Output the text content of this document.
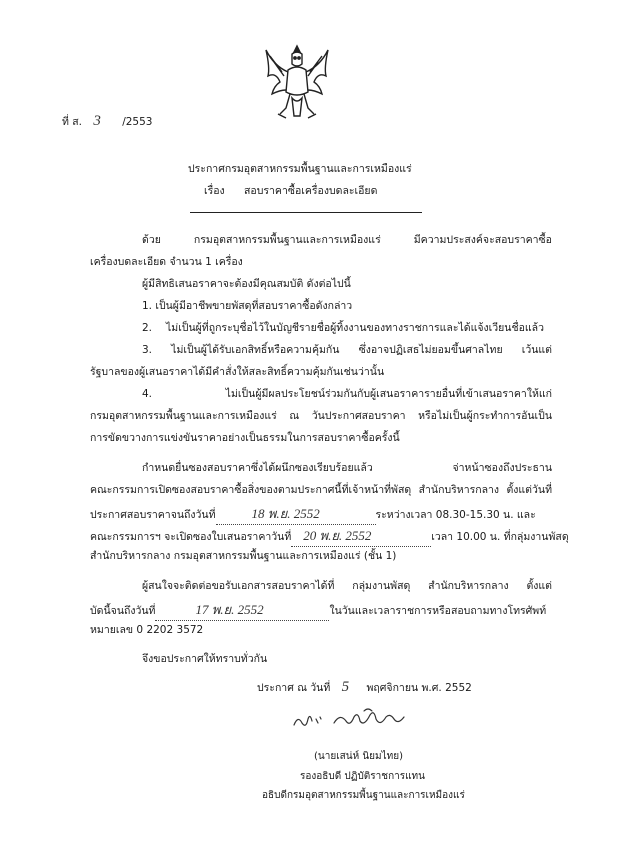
ที่ ส. 3 /2553
ประกาศกรมอุตสาหกรรมพื้นฐานและการเหมืองแร่
เรื่อง สอบราคาซื้อเครื่องบดละเอียด
ด้วย กรมอุตสาหกรรมพื้นฐานและการเหมืองแร่ มีความประสงค์จะสอบราคาซื้อ
เครื่องบดละเอียด จำนวน 1 เครื่อง
ผู้มีสิทธิเสนอราคาจะต้องมีคุณสมบัติ ดังต่อไปนี้
1. เป็นผู้มีอาชีพขายพัสดุที่สอบราคาซื้อดังกล่าว
2. ไม่เป็นผู้ที่ถูกระบุชื่อไว้ในบัญชีรายชื่อผู้ทิ้งงานของทางราชการและได้แจ้งเวียนชื่อแล้ว
3. ไม่เป็นผู้ได้รับเอกสิทธิ์หรือความคุ้มกัน ซึ่งอาจปฏิเสธไม่ยอมขึ้นศาลไทย เว้นแต่
รัฐบาลของผู้เสนอราคาได้มีคำสั่งให้สละสิทธิ์ความคุ้มกันเช่นว่านั้น
4. ไม่เป็นผู้มีผลประโยชน์ร่วมกันกับผู้เสนอราคารายอื่นที่เข้าเสนอราคาให้แก่
กรมอุตสาหกรรมพื้นฐานและการเหมืองแร่ ณ วันประกาศสอบราคา หรือไม่เป็นผู้กระทำการอันเป็น
การขัดขวางการแข่งขันราคาอย่างเป็นธรรมในการสอบราคาซื้อครั้งนี้
กำหนดยื่นซองสอบราคาซึ่งได้ผนึกซองเรียบร้อยแล้ว จ่าหน้าซองถึงประธาน
คณะกรรมการเปิดซองสอบราคาซื้อสิ่งของตามประกาศนี้ที่เจ้าหน้าที่พัสดุ สำนักบริหารกลาง ตั้งแต่วันที่
ประกาศสอบราคาจนถึงวันที่	18 พ.ย. 2552	ระหว่างเวลา 08.30-15.30 น. และ
คณะกรรมการฯ จะเปิดซองใบเสนอราคาวันที่ 20 พ.ย. 2552	เวลา 10.00 น. ที่กลุ่มงานพัสดุ
สำนักบริหารกลาง กรมอุตสาหกรรมพื้นฐานและการเหมืองแร่ (ชั้น 1)
ผู้สนใจจะติดต่อขอรับเอกสารสอบราคาได้ที่ กลุ่มงานพัสดุ สำนักบริหารกลาง ตั้งแต่
บัดนี้จนถึงวันที่	17 พ.ย. 2552	ในวันและเวลาราชการหรือสอบถามทางโทรศัพท์
หมายเลข 0 2202 3572
จึงขอประกาศให้ทราบทั่วกัน
ประกาศ ณ วันที่ 5 พฤศจิกายน พ.ศ. 2552
(นายเสน่ห์ นิยมไทย)
รองอธิบดี ปฏิบัติราชการแทน
อธิบดีกรมอุตสาหกรรมพื้นฐานและการเหมืองแร่
